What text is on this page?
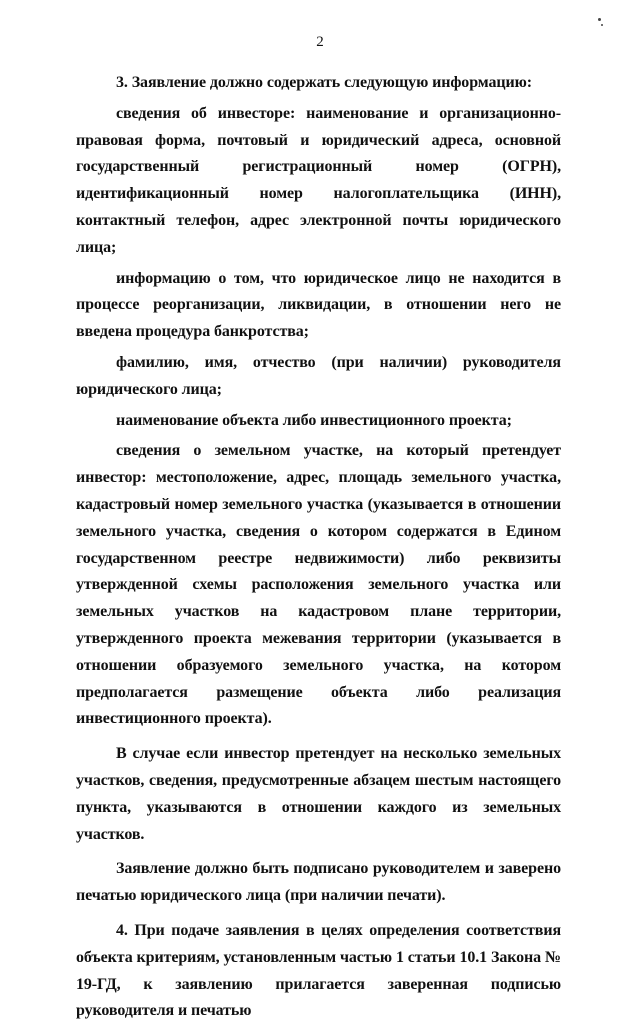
2

3. Заявление должно содержать следующую информацию:

сведения об инвесторе: наименование и организационно-правовая форма, почтовый и юридический адреса, основной государственный регистрационный номер (ОГРН), идентификационный номер налогоплательщика (ИНН), контактный телефон, адрес электронной почты юридического лица;

информацию о том, что юридическое лицо не находится в процессе реорганизации, ликвидации, в отношении него не введена процедура банкротства;

фамилию, имя, отчество (при наличии) руководителя юридического лица;

наименование объекта либо инвестиционного проекта;

сведения о земельном участке, на который претендует инвестор: местоположение, адрес, площадь земельного участка, кадастровый номер земельного участка (указывается в отношении земельного участка, сведения о котором содержатся в Едином государственном реестре недвижимости) либо реквизиты утвержденной схемы расположения земельного участка или земельных участков на кадастровом плане территории, утвержденного проекта межевания территории (указывается в отношении образуемого земельного участка, на котором предполагается размещение объекта либо реализация инвестиционного проекта).

В случае если инвестор претендует на несколько земельных участков, сведения, предусмотренные абзацем шестым настоящего пункта, указываются в отношении каждого из земельных участков.

Заявление должно быть подписано руководителем и заверено печатью юридического лица (при наличии печати).

4. При подаче заявления в целях определения соответствия объекта критериям, установленным частью 1 статьи 10.1 Закона № 19-ГД, к заявлению прилагается заверенная подписью руководителя и печатью
